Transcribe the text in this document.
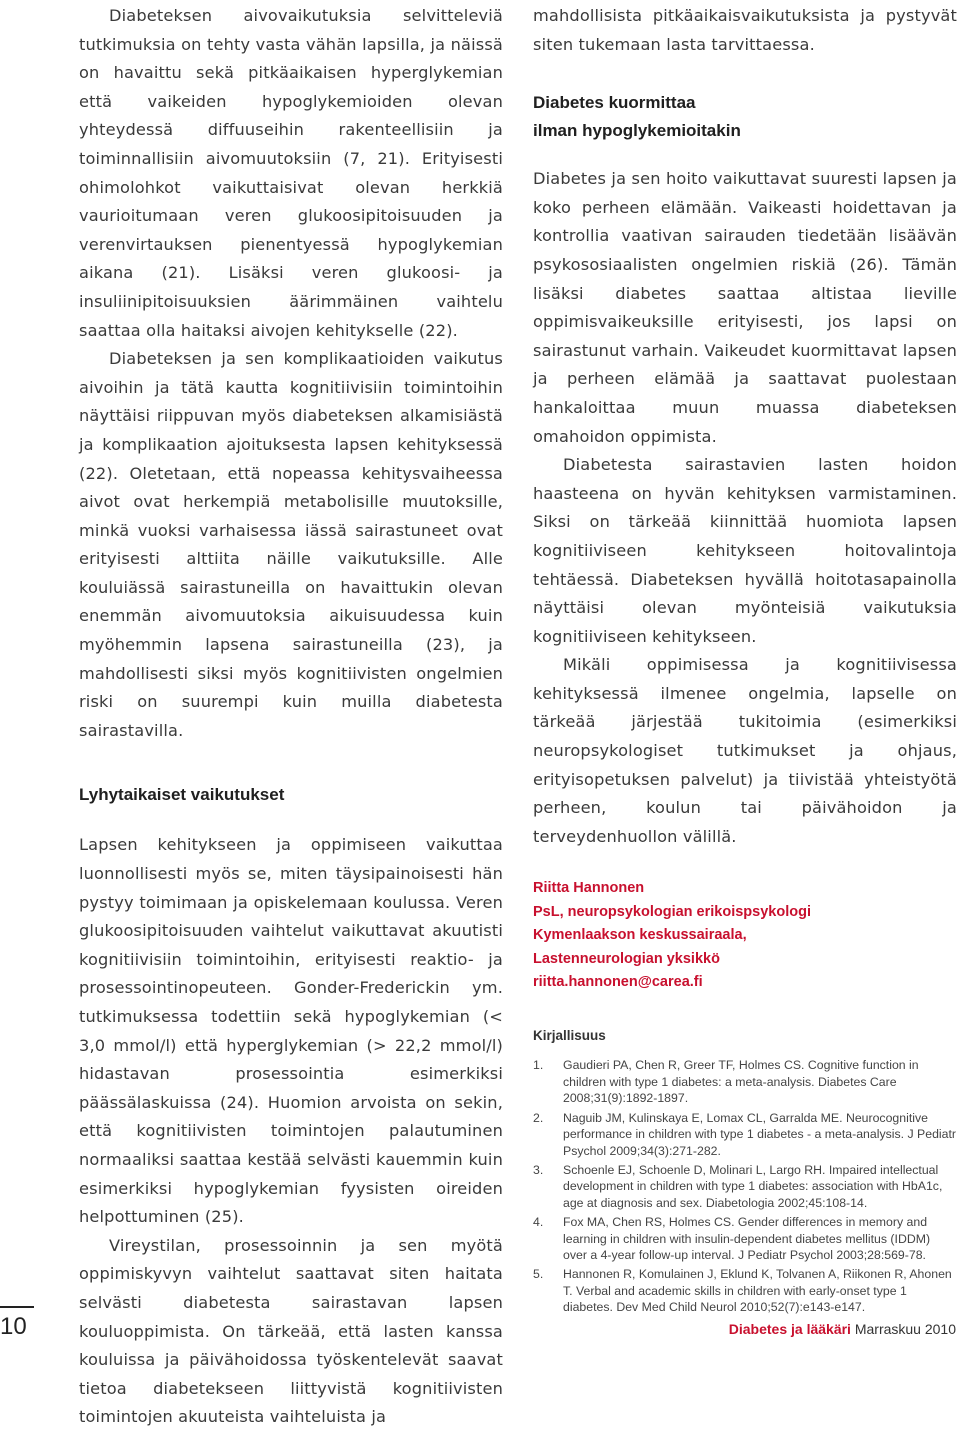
Diabeteksen aivovaikutuksia selvitteleviä tutkimuksia on tehty vasta vähän lapsilla, ja näissä on havaittu sekä pitkäaikaisen hyperglykemian että vaikeiden hypoglykemioiden olevan yhteydessä diffuuseihin rakenteellisiin ja toiminnallisiin aivomuutoksiin (7, 21). Erityisesti ohimolohkot vaikuttaisivat olevan herkkiä vaurioitumaan veren glukoosipitoisuuden ja verenvirtauksen pienentyessä hypoglykemian aikana (21). Lisäksi veren glukoosi- ja insuliinipitoisuuksien äärimmäinen vaihtelu saattaa olla haitaksi aivojen kehitykselle (22).

Diabeteksen ja sen komplikaatioiden vaikutus aivoihin ja tätä kautta kognitiivisiin toimintoihin näyttäisi riippuvan myös diabeteksen alkamisiästä ja komplikaation ajoituksesta lapsen kehityksessä (22). Oletetaan, että nopeassa kehitysvaiheessa aivot ovat herkempiä metabolisille muutoksille, minkä vuoksi varhaisessa iässä sairastuneet ovat erityisesti alttiita näille vaikutuksille. Alle kouluiässä sairastuneilla on havaittukin olevan enemmän aivomuutoksia aikuisuudessa kuin myöhemmin lapsena sairastuneilla (23), ja mahdollisesti siksi myös kognitiivisten ongelmien riski on suurempi kuin muilla diabetesta sairastavilla.

Lyhytaikaiset vaikutukset

Lapsen kehitykseen ja oppimiseen vaikuttaa luonnollisesti myös se, miten täysipainoisesti hän pystyy toimimaan ja opiskelemaan koulussa. Veren glukoosipitoisuuden vaihtelut vaikuttavat akuutisti kognitiivisiin toimintoihin, erityisesti reaktio- ja prosessointinopeuteen. Gonder-Frederickin ym. tutkimuksessa todettiin sekä hypoglykemian (< 3,0 mmol/l) että hyperglykemian (> 22,2 mmol/l) hidastavan prosessointia esimerkiksi päässälaskuissa (24). Huomion arvoista on sekin, että kognitiivisten toimintojen palautuminen normaaliksi saattaa kestää selvästi kauemmin kuin esimerkiksi hypoglykemian fyysisten oireiden helpottuminen (25).

Vireystilan, prosessoinnin ja sen myötä oppimiskyvyn vaihtelut saattavat siten haitata selvästi diabetesta sairastavan lapsen kouluoppimista. On tärkeää, että lasten kanssa kouluissa ja päivähoidossa työskentelevät saavat tietoa diabetekseen liittyvistä kognitiivisten toimintojen akuuteista vaihteluista ja

mahdollisista pitkäaikaisvaikutuksista ja pystyvät siten tukemaan lasta tarvittaessa.

Diabetes kuormittaa
ilman hypoglykemioitakin

Diabetes ja sen hoito vaikuttavat suuresti lapsen ja koko perheen elämään. Vaikeasti hoidettavan ja kontrollia vaativan sairauden tiedetään lisäävän psykososiaalisten ongelmien riskiä (26). Tämän lisäksi diabetes saattaa altistaa lieville oppimisvaikeuksille erityisesti, jos lapsi on sairastunut varhain. Vaikeudet kuormittavat lapsen ja perheen elämää ja saattavat puolestaan hankaloittaa muun muassa diabeteksen omahoidon oppimista.

Diabetesta sairastavien lasten hoidon haasteena on hyvän kehityksen varmistaminen. Siksi on tärkeää kiinnittää huomiota lapsen kognitiiviseen kehitykseen hoitovalintoja tehtäessä. Diabeteksen hyvällä hoitotasapainolla näyttäisi olevan myönteisiä vaikutuksia kognitiiviseen kehitykseen.

Mikäli oppimisessa ja kognitiivisessa kehityksessä ilmenee ongelmia, lapselle on tärkeää järjestää tukitoimia (esimerkiksi neuropsykologiset tutkimukset ja ohjaus, erityisopetuksen palvelut) ja tiivistää yhteistyötä perheen, koulun tai päivähoidon ja terveydenhuollon välillä.

Riitta Hannonen
PsL, neuropsykologian erikoispsykologi
Kymenlaakson keskussairaala,
Lastenneurologian yksikkö
riitta.hannonen@carea.fi
Kirjallisuus
1. Gaudieri PA, Chen R, Greer TF, Holmes CS. Cognitive function in children with type 1 diabetes: a meta-analysis. Diabetes Care 2008;31(9):1892-1897.
2. Naguib JM, Kulinskaya E, Lomax CL, Garralda ME. Neurocognitive performance in children with type 1 diabetes - a meta-analysis. J Pediatr Psychol 2009;34(3):271-282.
3. Schoenle EJ, Schoenle D, Molinari L, Largo RH. Impaired intellectual development in children with type 1 diabetes: association with HbA1c, age at diagnosis and sex. Diabetologia 2002;45:108-14.
4. Fox MA, Chen RS, Holmes CS. Gender differences in memory and learning in children with insulin-dependent diabetes mellitus (IDDM) over a 4-year follow-up interval. J Pediatr Psychol 2003;28:569-78.
5. Hannonen R, Komulainen J, Eklund K, Tolvanen A, Riikonen R, Ahonen T. Verbal and academic skills in children with early-onset type 1 diabetes. Dev Med Child Neurol 2010;52(7):e143-e147.
10	Diabetes ja lääkäri Marraskuu 2010
